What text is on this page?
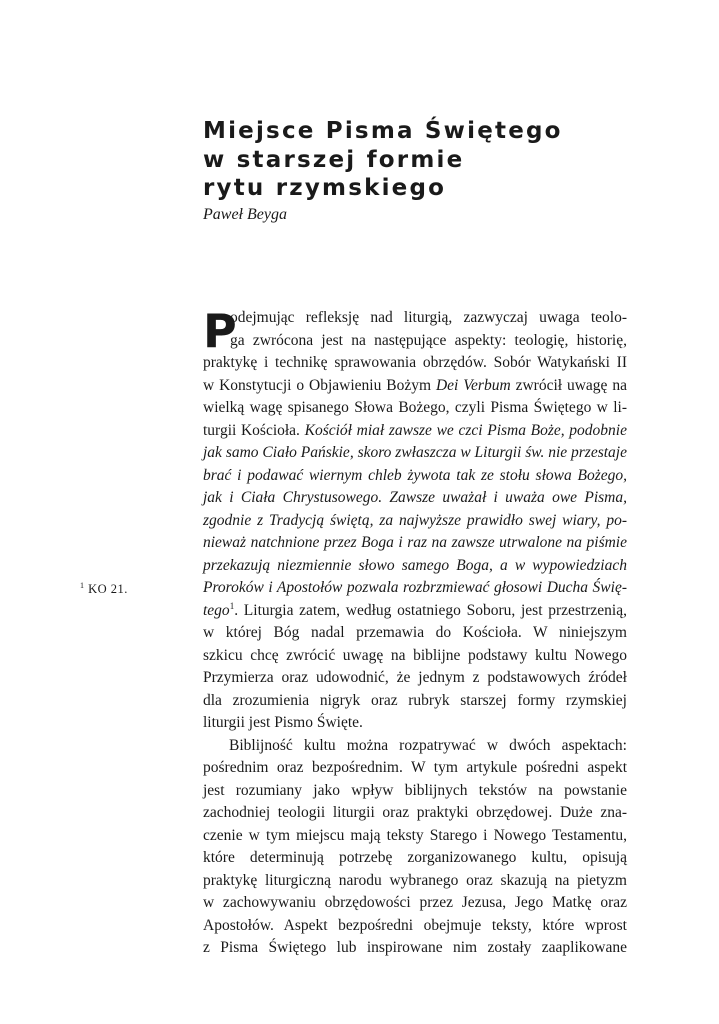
Miejsce Pisma Świętego
w starszej formie
rytu rzymskiego
Paweł Beyga
$^1$ KO 21.
P
odejmując refleksję nad liturgią, zazwyczaj uwaga teolo-
ga zwrócona jest na następujące aspekty: teologię, historię,
praktykę i technikę sprawowania obrzędów. Sobór Watykański II
w Konstytucji o Objawieniu Bożym Dei Verbum zwrócił uwagę na
wielką wagę spisanego Słowa Bożego, czyli Pisma Świętego w li-
turgii Kościoła. Kościół miał zawsze we czci Pisma Boże, podobnie
jak samo Ciało Pańskie, skoro zwłaszcza w Liturgii św. nie przestaje
brać i podawać wiernym chleb żywota tak ze stołu słowa Bożego,
jak i Ciała Chrystusowego. Zawsze uważał i uważa owe Pisma,
zgodnie z Tradycją świętą, za najwyższe prawidło swej wiary, po-
nieważ natchnione przez Boga i raz na zawsze utrwalone na piśmie
przekazują niezmiennie słowo samego Boga, a w wypowiedziach
Proroków i Apostołów pozwala rozbrzmiewać głosowi Ducha Świę-
tego$^1$. Liturgia zatem, według ostatniego Soboru, jest przestrzenią,
w której Bóg nadal przemawia do Kościoła. W niniejszym
szkicu chcę zwrócić uwagę na biblijne podstawy kultu Nowego
Przymierza oraz udowodnić, że jednym z podstawowych źródeł
dla zrozumienia nigryk oraz rubryk starszej formy rzymskiej
liturgii jest Pismo Święte.
Biblijność kultu można rozpatrywać w dwóch aspektach:
pośrednim oraz bezpośrednim. W tym artykule pośredni aspekt
jest rozumiany jako wpływ biblijnych tekstów na powstanie
zachodniej teologii liturgii oraz praktyki obrzędowej. Duże zna-
czenie w tym miejscu mają teksty Starego i Nowego Testamentu,
które determinują potrzebę zorganizowanego kultu, opisują
praktykę liturgiczną narodu wybranego oraz skazują na pietyzm
w zachowywaniu obrzędowości przez Jezusa, Jego Matkę oraz
Apostołów. Aspekt bezpośredni obejmuje teksty, które wprost
z Pisma Świętego lub inspirowane nim zostały zaaplikowane
